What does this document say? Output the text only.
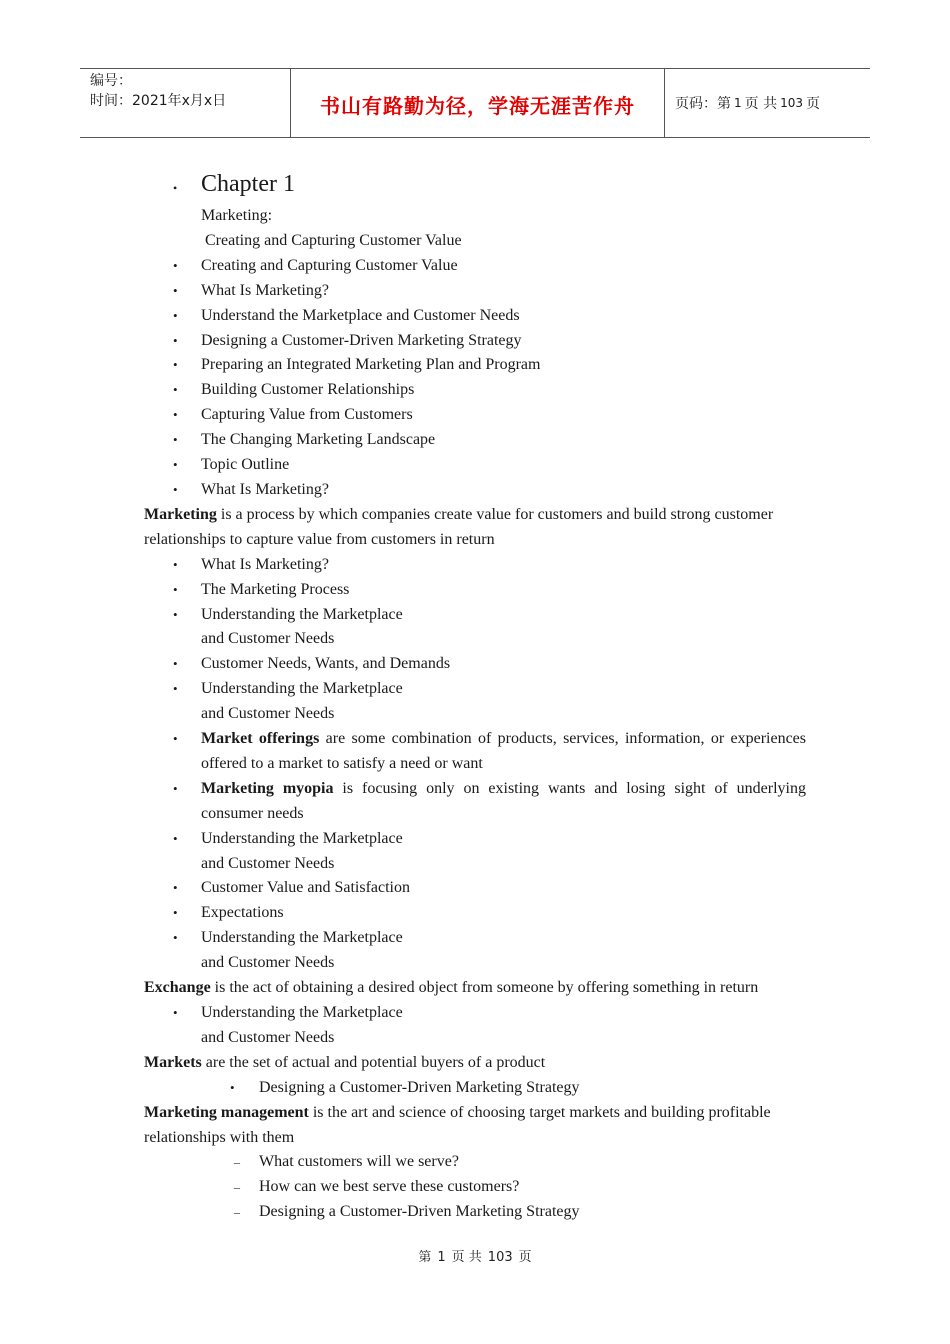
编号：
时间：2021年x月x日	书山有路勤为径，学海无涯苦作舟	页码：第 1 页 共 103 页
• Chapter 1
Marketing:
Creating and Capturing Customer Value
• Creating and Capturing Customer Value
• What Is Marketing?
• Understand the Marketplace and Customer Needs
• Designing a Customer-Driven Marketing Strategy
• Preparing an Integrated Marketing Plan and Program
• Building Customer Relationships
• Capturing Value from Customers
• The Changing Marketing Landscape
• Topic Outline
• What Is Marketing?
Marketing is a process by which companies create value for customers and build strong customer relationships to capture value from customers in return
• What Is Marketing?
• The Marketing Process
• Understanding the Marketplace
and Customer Needs
• Customer Needs, Wants, and Demands
• Understanding the Marketplace
and Customer Needs
• Market offerings are some combination of products, services, information, or experiences offered to a market to satisfy a need or want
• Marketing myopia is focusing only on existing wants and losing sight of underlying consumer needs
• Understanding the Marketplace
and Customer Needs
• Customer Value and Satisfaction
• Expectations
• Understanding the Marketplace
and Customer Needs
Exchange is the act of obtaining a desired object from someone by offering something in return
• Understanding the Marketplace
and Customer Needs
Markets are the set of actual and potential buyers of a product
• Designing a Customer-Driven Marketing Strategy
Marketing management is the art and science of choosing target markets and building profitable relationships with them
– What customers will we serve?
– How can we best serve these customers?
– Designing a Customer-Driven Marketing Strategy
第 1 页 共 103 页
